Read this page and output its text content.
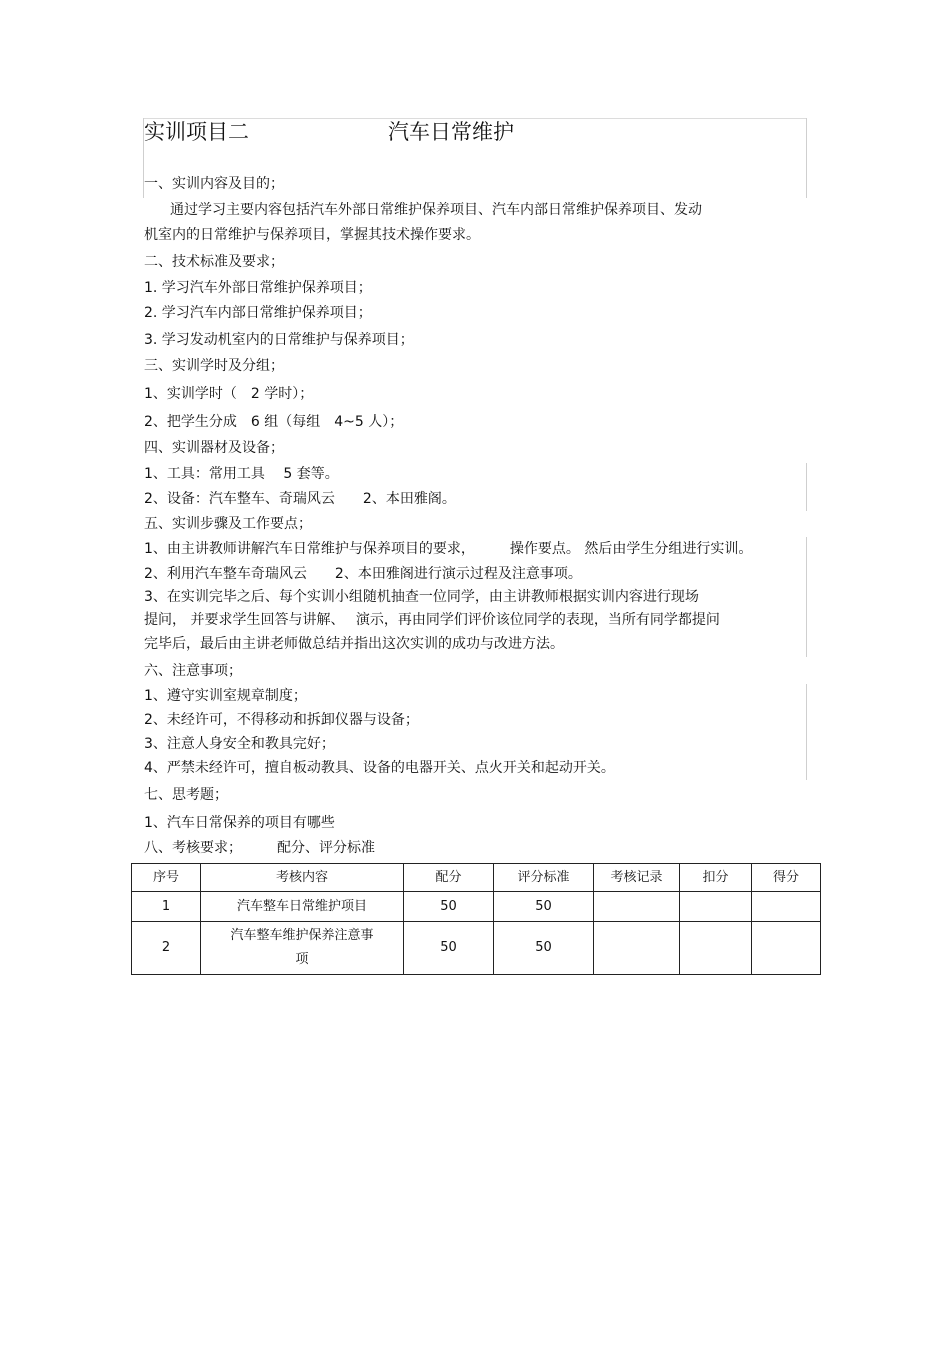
实训项目二	汽车日常维护
一、实训内容及目的；
通过学习主要内容包括汽车外部日常维护保养项目、汽车内部日常维护保养项目、发动
机室内的日常维护与保养项目，掌握其技术操作要求。
二、技术标准及要求；
1. 学习汽车外部日常维护保养项目；
2. 学习汽车内部日常维护保养项目；
3. 学习发动机室内的日常维护与保养项目；
三、实训学时及分组；
1、实训学时（　2 学时）；
2、把学生分成　6 组（每组　4~5 人）；
四、实训器材及设备；
1、工具：常用工具　 5 套等。
2、设备：汽车整车、奇瑞风云　　2、本田雅阁。
五、实训步骤及工作要点；
1、由主讲教师讲解汽车日常维护与保养项目的要求，　　　操作要点。 然后由学生分组进行实训。
2、利用汽车整车奇瑞风云　　2、本田雅阁进行演示过程及注意事项。
3、在实训完毕之后、每个实训小组随机抽查一位同学，由主讲教师根据实训内容进行现场
提问， 并要求学生回答与讲解、　 演示，再由同学们评价该位同学的表现，当所有同学都提问
完毕后，最后由主讲老师做总结并指出这次实训的成功与改进方法。
六、注意事项；
1、遵守实训室规章制度；
2、未经许可，不得移动和拆卸仪器与设备；
3、注意人身安全和教具完好；
4、严禁未经许可，擅自板动教具、设备的电器开关、点火开关和起动开关。
七、思考题；
1、汽车日常保养的项目有哪些
八、考核要求；　　　配分、评分标准
序号	考核内容	配分	评分标准	考核记录	扣分	得分
1	汽车整车日常维护项目	50	50			
2	汽车整车维护保养注意事
项	50	50			
